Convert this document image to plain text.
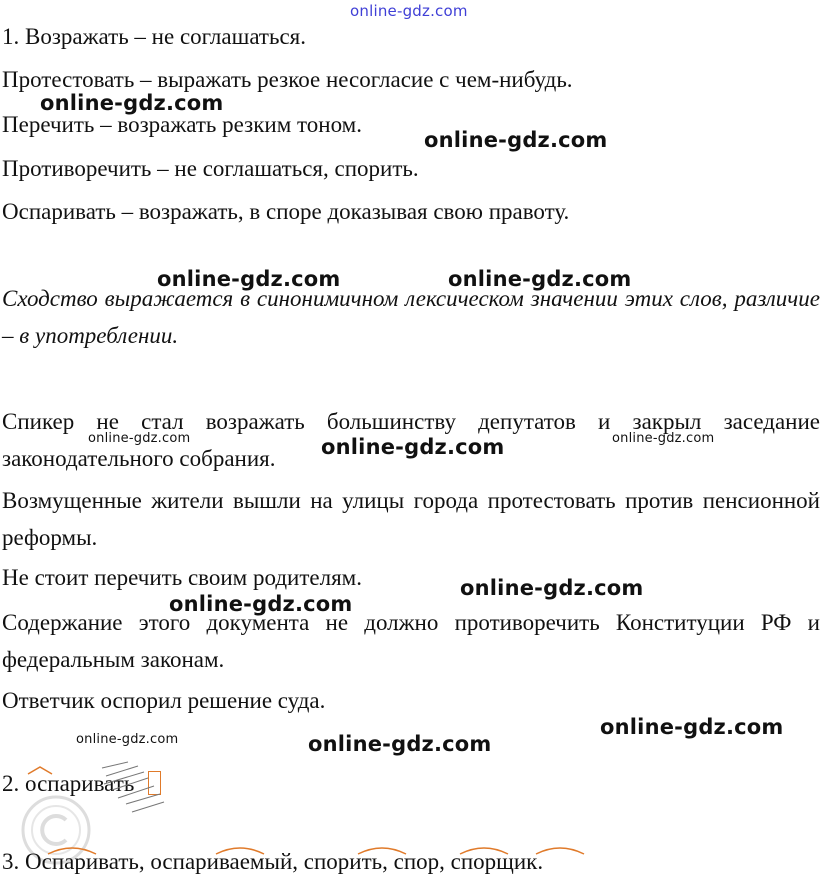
online-gdz.com
1. Возражать – не соглашаться.
Протестовать – выражать резкое несогласие с чем-нибудь.
Перечить – возражать резким тоном.
Противоречить – не соглашаться, спорить.
Оспаривать – возражать, в споре доказывая свою правоту.
Сходство выражается в синонимичном лексическом значении этих слов, различие – в употреблении.
Спикер не стал возражать большинству депутатов и закрыл заседание законодательного собрания.
Возмущенные жители вышли на улицы города протестовать против пенсионной реформы.
Не стоит перечить своим родителям.
Содержание этого документа не должно противоречить Конституции РФ и федеральным законам.
Ответчик оспорил решение суда.
2. оспаривать
3. Оспаривать, оспариваемый, спорить, спор, спорщик.
online-gdz.com
online-gdz.com
online-gdz.com	online-gdz.com
online-gdz.com	online-gdz.com	online-gdz.com
online-gdz.com
online-gdz.com
online-gdz.com
online-gdz.com	online-gdz.com
